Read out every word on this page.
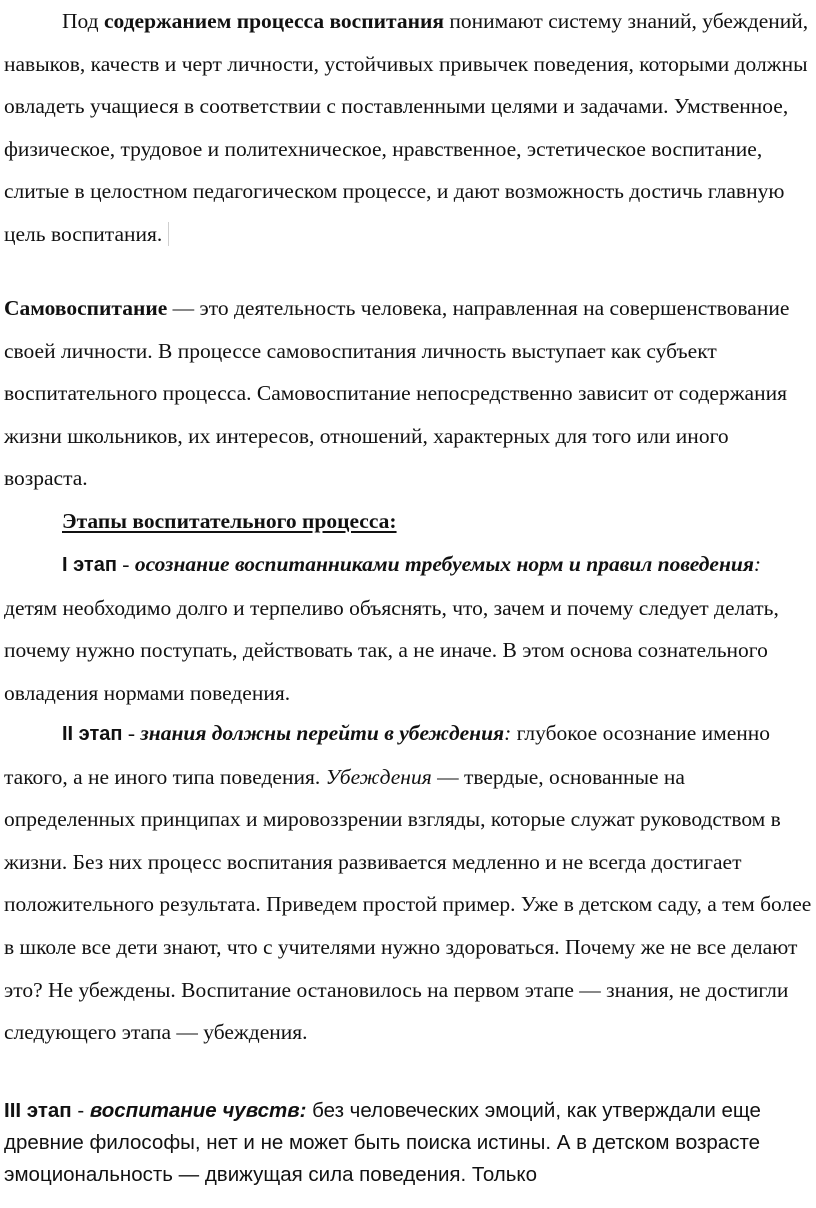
Под содержанием процесса воспитания понимают систему знаний, убеждений, навыков, качеств и черт личности, устойчивых привычек поведения, которыми должны овладеть учащиеся в соответствии с поставленными целями и задачами. Умственное, физическое, трудовое и политехническое, нравственное, эстетическое воспитание, слитые в целостном педагогическом процессе, и дают возможность достичь главную цель воспитания.

Самовоспитание — это деятельность человека, направленная на совершенствование своей личности. В процессе самовоспитания личность выступает как субъект воспитательного процесса. Самовоспитание непосредственно зависит от содержания жизни школьников, их интересов, отношений, характерных для того или иного возраста.

Этапы воспитательного процесса:

I этап - осознание воспитанниками требуемых норм и правил поведения: детям необходимо долго и терпеливо объяснять, что, зачем и почему следует делать, почему нужно поступать, действовать так, а не иначе. В этом основа сознательного овладения нормами поведения.

II этап - знания должны перейти в убеждения: глубокое осознание именно такого, а не иного типа поведения. Убеждения — твердые, основанные на определенных принципах и мировоззрении взгляды, которые служат руководством в жизни. Без них процесс воспитания развивается медленно и не всегда достигает положительного результата. Приведем простой пример. Уже в детском саду, а тем более в школе все дети знают, что с учителями нужно здороваться. Почему же не все делают это? Не убеждены. Воспитание остановилось на первом этапе — знания, не достигли следующего этапа — убеждения.

III этап - воспитание чувств: без человеческих эмоций, как утверждали еще древние философы, нет и не может быть поиска истины. А в детском возрасте эмоциональность — движущая сила поведения. Только
